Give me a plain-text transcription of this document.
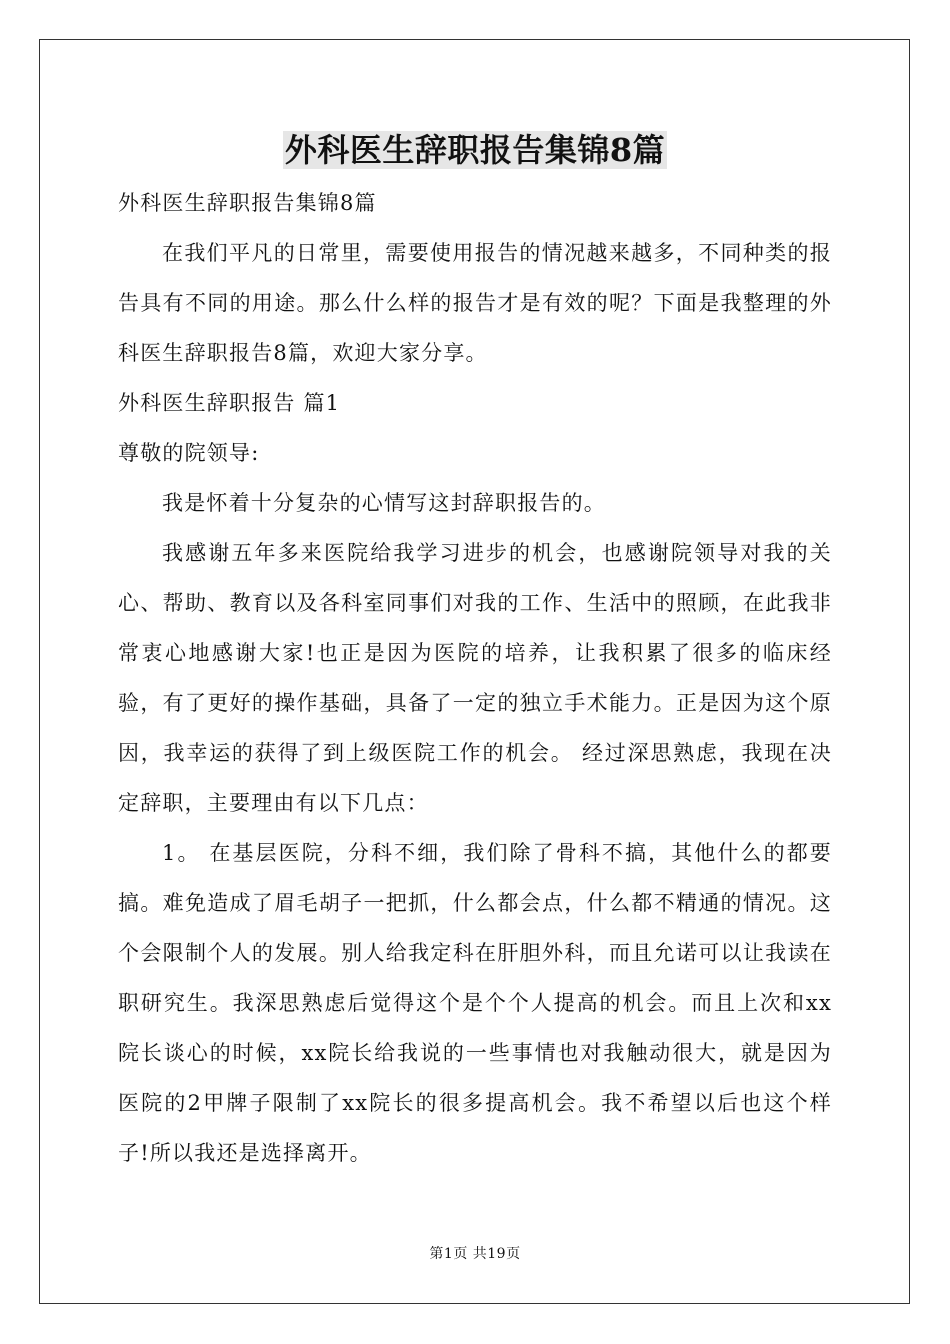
外科医生辞职报告集锦8篇

外科医生辞职报告集锦8篇

在我们平凡的日常里，需要使用报告的情况越来越多，不同种类的报告具有不同的用途。那么什么样的报告才是有效的呢？下面是我整理的外科医生辞职报告8篇，欢迎大家分享。

外科医生辞职报告 篇1

尊敬的院领导:

我是怀着十分复杂的心情写这封辞职报告的。

我感谢五年多来医院给我学习进步的机会，也感谢院领导对我的关心、帮助、教育以及各科室同事们对我的工作、生活中的照顾，在此我非常衷心地感谢大家!也正是因为医院的培养，让我积累了很多的临床经验，有了更好的操作基础，具备了一定的独立手术能力。正是因为这个原因，我幸运的获得了到上级医院工作的机会。 经过深思熟虑，我现在决定辞职，主要理由有以下几点：

1。 在基层医院，分科不细，我们除了骨科不搞，其他什么的都要搞。难免造成了眉毛胡子一把抓，什么都会点，什么都不精通的情况。这个会限制个人的发展。别人给我定科在肝胆外科，而且允诺可以让我读在职研究生。我深思熟虑后觉得这个是个个人提高的机会。而且上次和xx院长谈心的时候，xx院长给我说的一些事情也对我触动很大，就是因为医院的2甲牌子限制了xx院长的很多提高机会。我不希望以后也这个样子!所以我还是选择离开。

第1页 共19页
